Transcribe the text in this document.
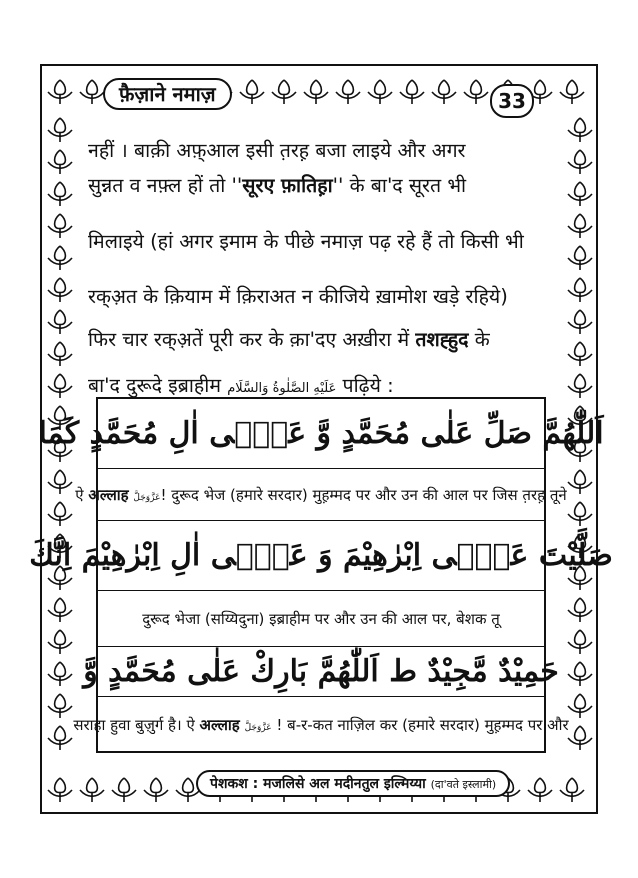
फ़ैज़ाने नमाज़	33
नहीं । बाक़ी अफ़्आल इसी त़रह़ बजा लाइये और अगर
सुन्नत व नफ़्ल हों तो ''सूरए फ़ातिह़ा'' के बा'द सूरत भी
मिलाइये (हां अगर इमाम के पीछे नमाज़ पढ़ रहे हैं तो किसी भी
रक्अ़त के क़ियाम में क़िराअत न कीजिये ख़ामोश खड़े रहिये)
फिर चार रक्अ़तें पूरी कर के क़ा'दए अख़ीरा में तशह्हुद के
बा'द दुरूदे इब्राहीम عَلَيْهِ الصَّلٰوةُ وَالسَّلَام पढ़िये :
اَللّٰھُمَّ صَلِّ عَلٰى مُحَمَّدٍ وَّ عَلٰۤى اٰلِ مُحَمَّدٍ كَمَا
ऐ अल्लाह عَزَّوَجَلَّ! दुरूद भेज (हमारे सरदार) मुह़म्मद पर और उन की आल पर जिस त़रह़ तूने
صَلَّيْتَ عَلٰۤى اِبْرٰهِيْمَ وَ عَلٰۤى اٰلِ اِبْرٰهِيْمَ اِنَّكَ
दुरूद भेजा (सय्यिदुना) इब्राहीम पर और उन की आल पर, बेशक तू
حَمِيْدٌ مَّجِيْدٌ ط اَللّٰھُمَّ بَارِكْ عَلٰى مُحَمَّدٍ وَّ
सराहा हुवा बुज़ुर्ग है। ऐ अल्लाह عَزَّوَجَلَّ ! ब-र-कत नाज़िल कर (हमारे सरदार) मुह़म्मद पर और
पेशकश : मजलिसे अल मदीनतुल इल्मिय्या (दा'वते इस्लामी)
